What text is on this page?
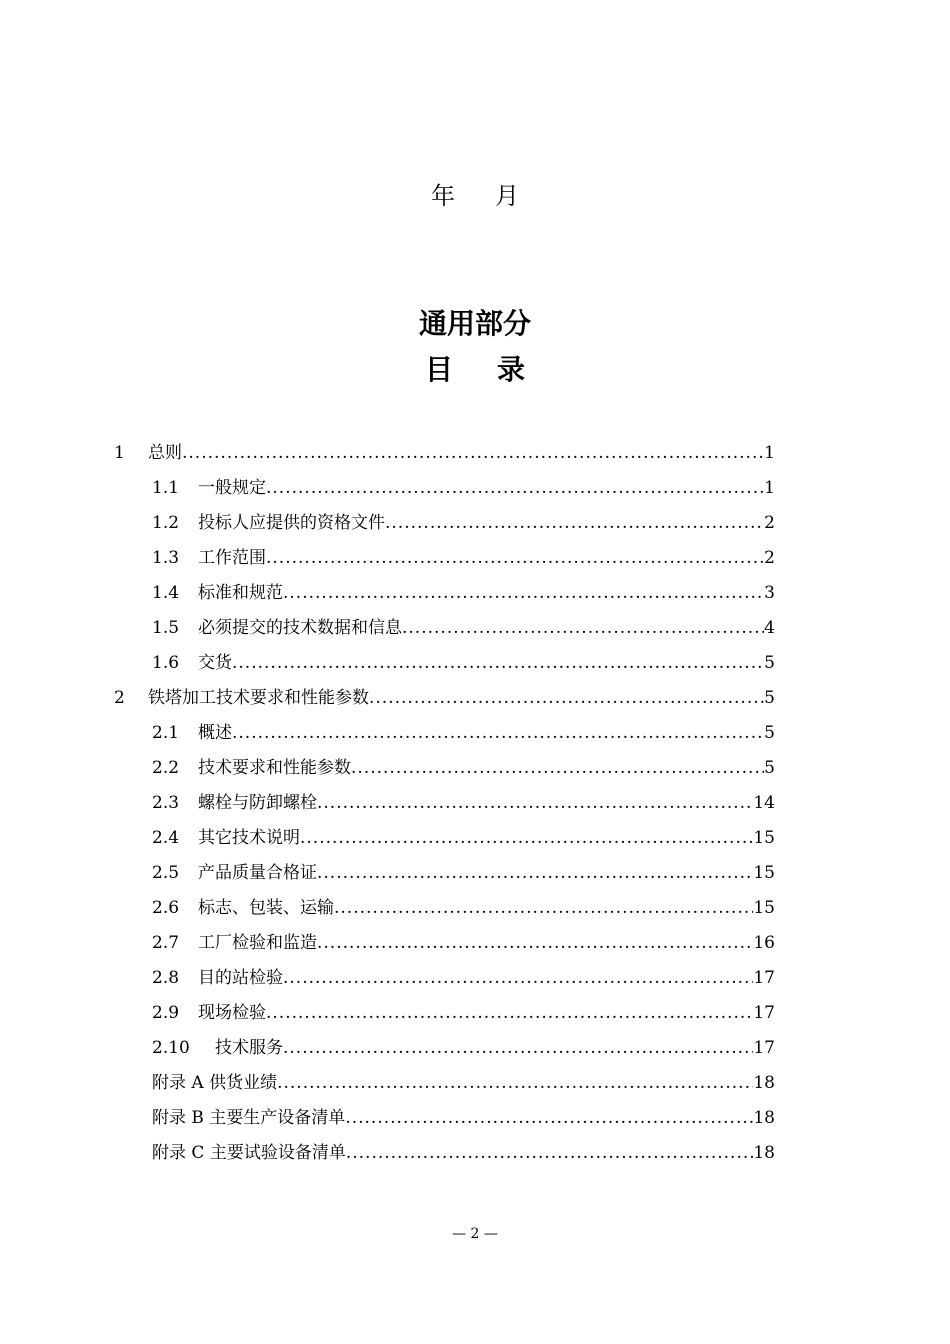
年 月
通用部分
目 录
1 总则 .....	1
1.1 一般规定 .....	1
1.2 投标人应提供的资格文件 .....	2
1.3 工作范围 .....	2
1.4 标准和规范 .....	3
1.5 必须提交的技术数据和信息 .....	4
1.6 交货 .....	5
2 铁塔加工技术要求和性能参数 .....	5
2.1 概述 .....	5
2.2 技术要求和性能参数 .....	5
2.3 螺栓与防卸螺栓 .....	14
2.4 其它技术说明 .....	15
2.5 产品质量合格证 .....	15
2.6 标志、包装、运输 .....	15
2.7 工厂检验和监造 .....	16
2.8 目的站检验 .....	17
2.9 现场检验 .....	17
2.10 技术服务 .....	17
附录 A 供货业绩 .....	18
附录 B 主要生产设备清单 .....	18
附录 C 主要试验设备清单 .....	18
— 2 —
